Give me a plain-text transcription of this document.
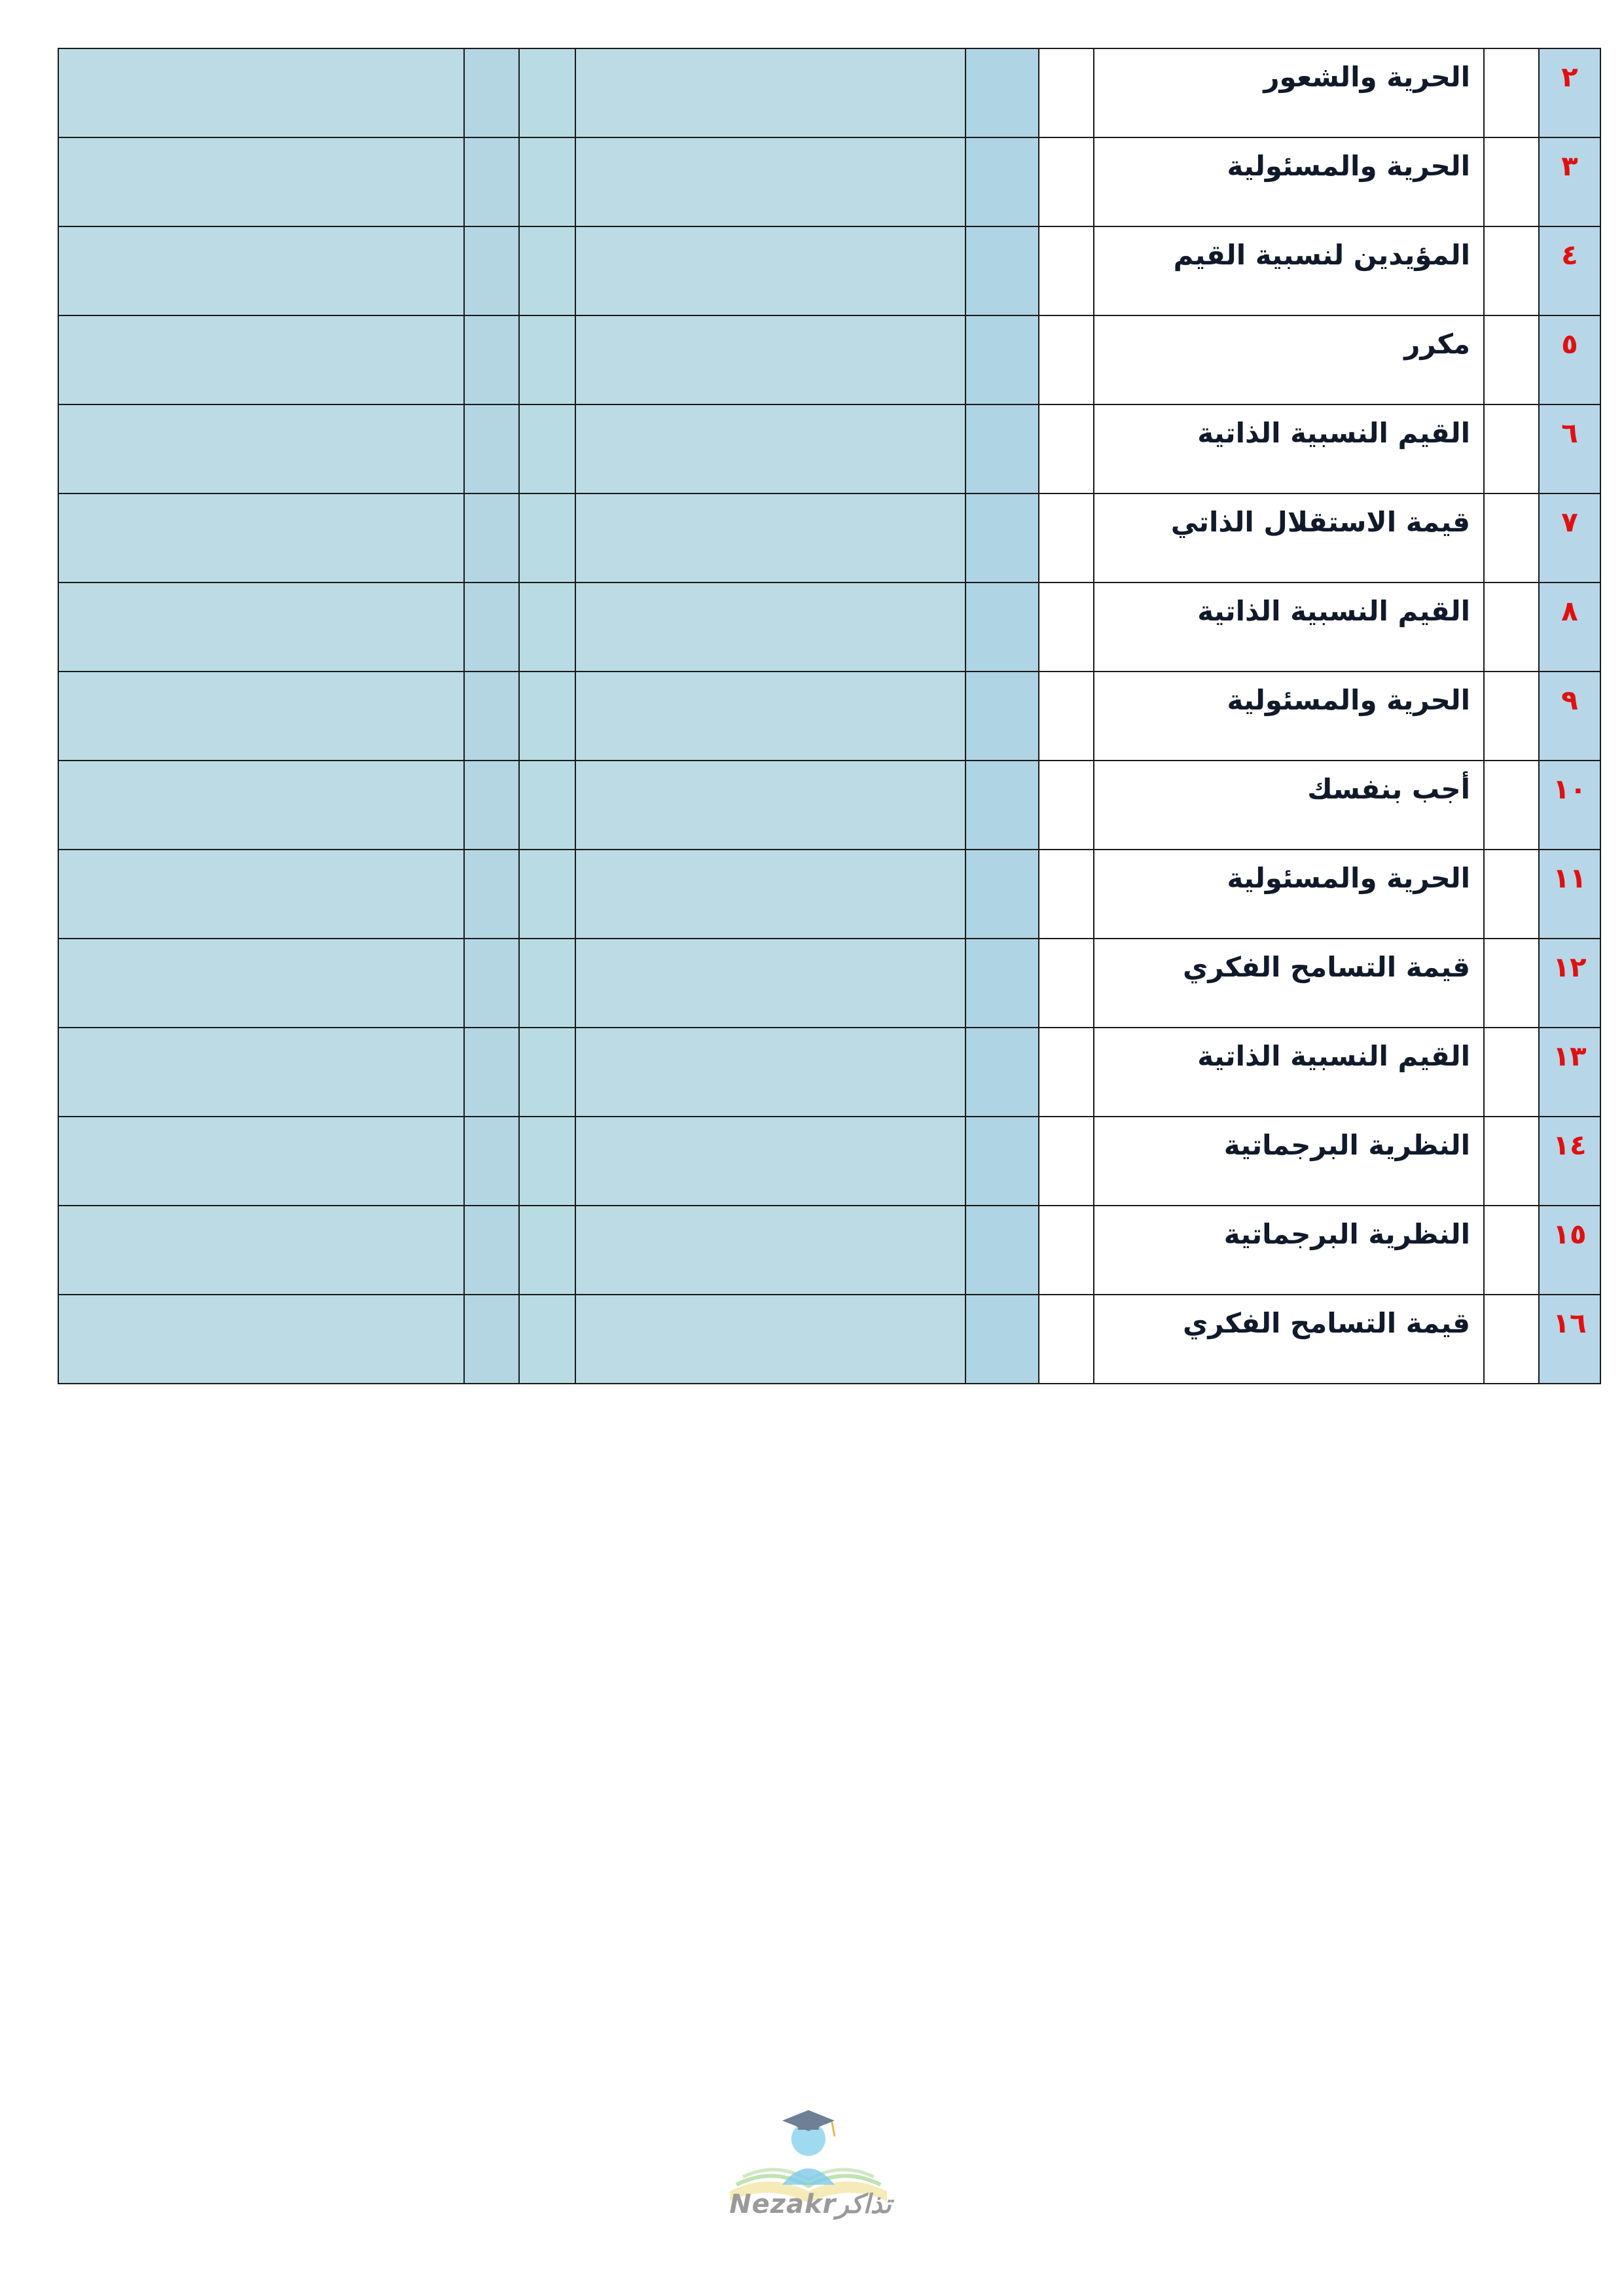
						الحرية والشعور		٢
						الحرية والمسئولية		٣
						المؤيدين لنسبية القيم		٤
						مكرر		٥
						القيم النسبية الذاتية		٦
						قيمة الاستقلال الذاتي		٧
						القيم النسبية الذاتية		٨
						الحرية والمسئولية		٩
						أجب بنفسك		١٠
						الحرية والمسئولية		١١
						قيمة التسامح الفكري		١٢
						القيم النسبية الذاتية		١٣
						النظرية البرجماتية		١٤
						النظرية البرجماتية		١٥
						قيمة التسامح الفكري		١٦
Nezakrتذاكر
